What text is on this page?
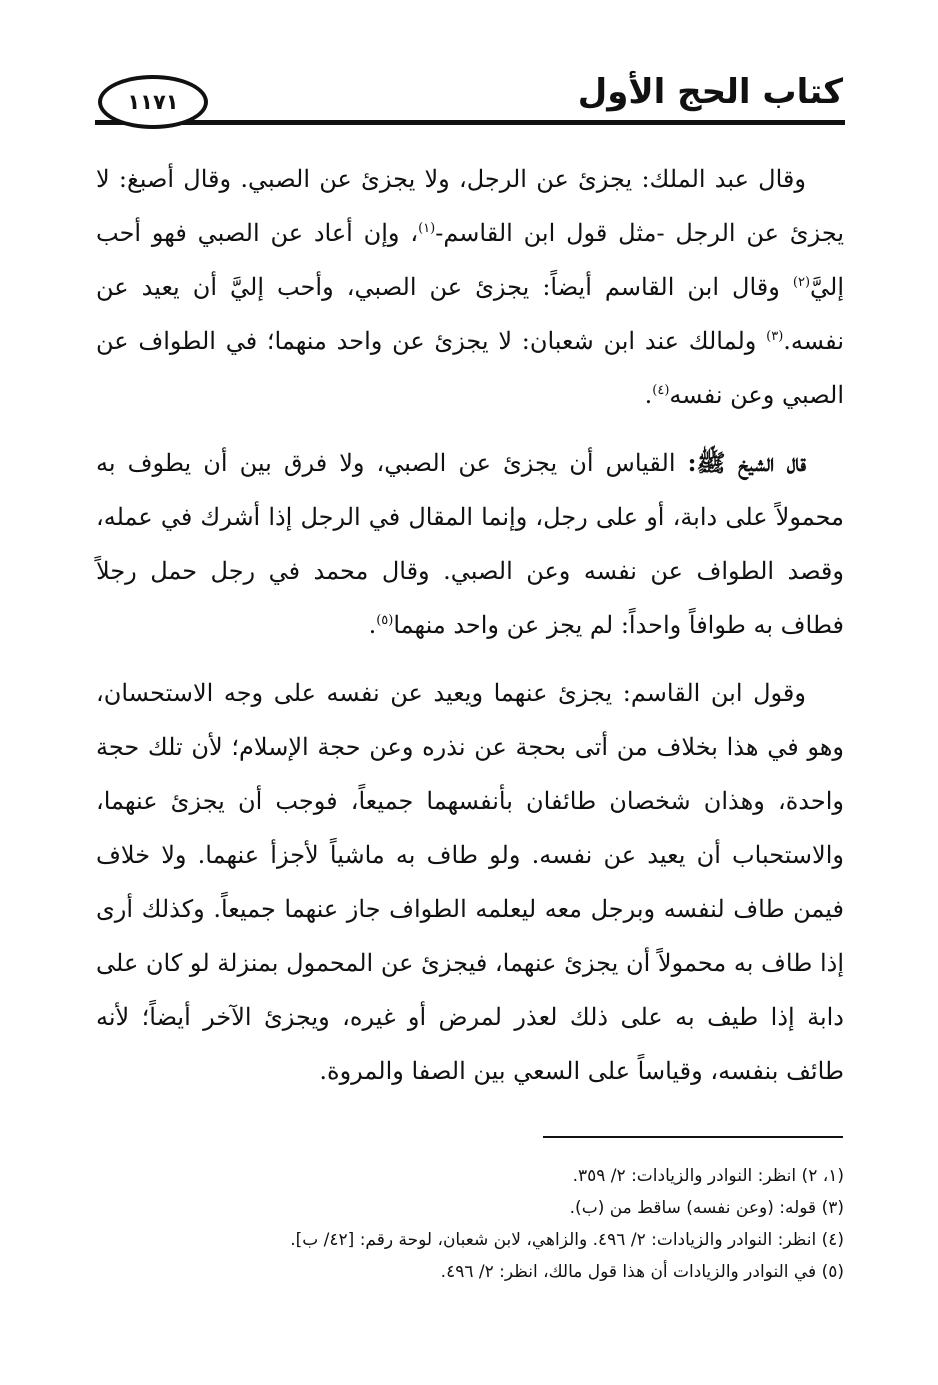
١١٧١	كتاب الحج الأول

وقال عبد الملك: يجزئ عن الرجل، ولا يجزئ عن الصبي. وقال أصبغ: لا يجزئ عن الرجل -مثل قول ابن القاسم-$^{(١)}$، وإن أعاد عن الصبي فهو أحب إليَّ$^{(٢)}$ وقال ابن القاسم أيضاً: يجزئ عن الصبي، وأحب إليَّ أن يعيد عن نفسه.$^{(٣)}$ ولمالك عند ابن شعبان: لا يجزئ عن واحد منهما؛ في الطواف عن الصبي وعن نفسه$^{(٤)}$.

قال الشيخ ﷺ: القياس أن يجزئ عن الصبي، ولا فرق بين أن يطوف به محمولاً على دابة، أو على رجل، وإنما المقال في الرجل إذا أشرك في عمله، وقصد الطواف عن نفسه وعن الصبي. وقال محمد في رجل حمل رجلاً فطاف به طوافاً واحداً: لم يجز عن واحد منهما$^{(٥)}$.

وقول ابن القاسم: يجزئ عنهما ويعيد عن نفسه على وجه الاستحسان، وهو في هذا بخلاف من أتى بحجة عن نذره وعن حجة الإسلام؛ لأن تلك حجة واحدة، وهذان شخصان طائفان بأنفسهما جميعاً، فوجب أن يجزئ عنهما، والاستحباب أن يعيد عن نفسه. ولو طاف به ماشياً لأجزأ عنهما. ولا خلاف فيمن طاف لنفسه وبرجل معه ليعلمه الطواف جاز عنهما جميعاً. وكذلك أرى إذا طاف به محمولاً أن يجزئ عنهما، فيجزئ عن المحمول بمنزلة لو كان على دابة إذا طيف به على ذلك لعذر لمرض أو غيره، ويجزئ الآخر أيضاً؛ لأنه طائف بنفسه، وقياساً على السعي بين الصفا والمروة.

(١، ٢) انظر: النوادر والزيادات: ٢/ ٣٥٩.

(٣) قوله: (وعن نفسه) ساقط من (ب).

(٤) انظر: النوادر والزيادات: ٢/ ٤٩٦. والزاهي، لابن شعبان، لوحة رقم: [٤٢/ ب].

(٥) في النوادر والزيادات أن هذا قول مالك، انظر: ٢/ ٤٩٦.
